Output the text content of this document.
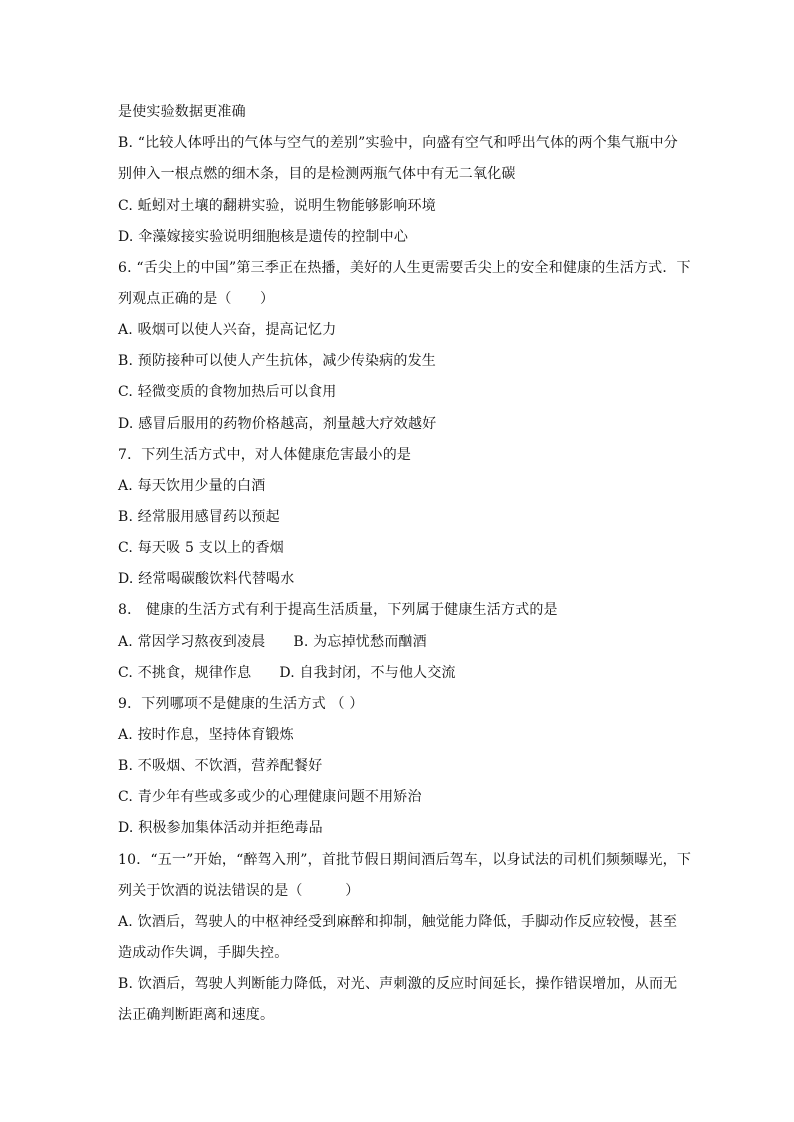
是使实验数据更准确
B. “比较人体呼出的气体与空气的差别”实验中，向盛有空气和呼出气体的两个集气瓶中分
别伸入一根点燃的细木条，目的是检测两瓶气体中有无二氧化碳
C. 蚯蚓对土壤的翻耕实验，说明生物能够影响环境
D. 伞藻嫁接实验说明细胞核是遗传的控制中心
6. “舌尖上的中国”第三季正在热播，美好的人生更需要舌尖上的安全和健康的生活方式．下
列观点正确的是（　　）
A. 吸烟可以使人兴奋，提高记忆力
B. 预防接种可以使人产生抗体，减少传染病的发生
C. 轻微变质的食物加热后可以食用
D. 感冒后服用的药物价格越高，剂量越大疗效越好
7．下列生活方式中，对人体健康危害最小的是
A. 每天饮用少量的白酒
B. 经常服用感冒药以预起
C. 每天吸 5 支以上的香烟
D. 经常喝碳酸饮料代替喝水
8． 健康的生活方式有利于提高生活质量，下列属于健康生活方式的是
A. 常因学习熬夜到凌晨 B. 为忘掉忧愁而酗酒
C. 不挑食，规律作息 D. 自我封闭，不与他人交流
9．下列哪项不是健康的生活方式 （ ）
A. 按时作息，坚持体育锻炼
B. 不吸烟、不饮酒，营养配餐好
C. 青少年有些或多或少的心理健康问题不用矫治
D. 积极参加集体活动并拒绝毒品
10．“五一”开始，“醉驾入刑”，首批节假日期间酒后驾车，以身试法的司机们频频曝光，下
列关于饮酒的说法错误的是（　　　）
A. 饮酒后，驾驶人的中枢神经受到麻醉和抑制，触觉能力降低，手脚动作反应较慢，甚至
造成动作失调，手脚失控。
B. 饮酒后，驾驶人判断能力降低，对光、声刺激的反应时间延长，操作错误增加，从而无
法正确判断距离和速度。
